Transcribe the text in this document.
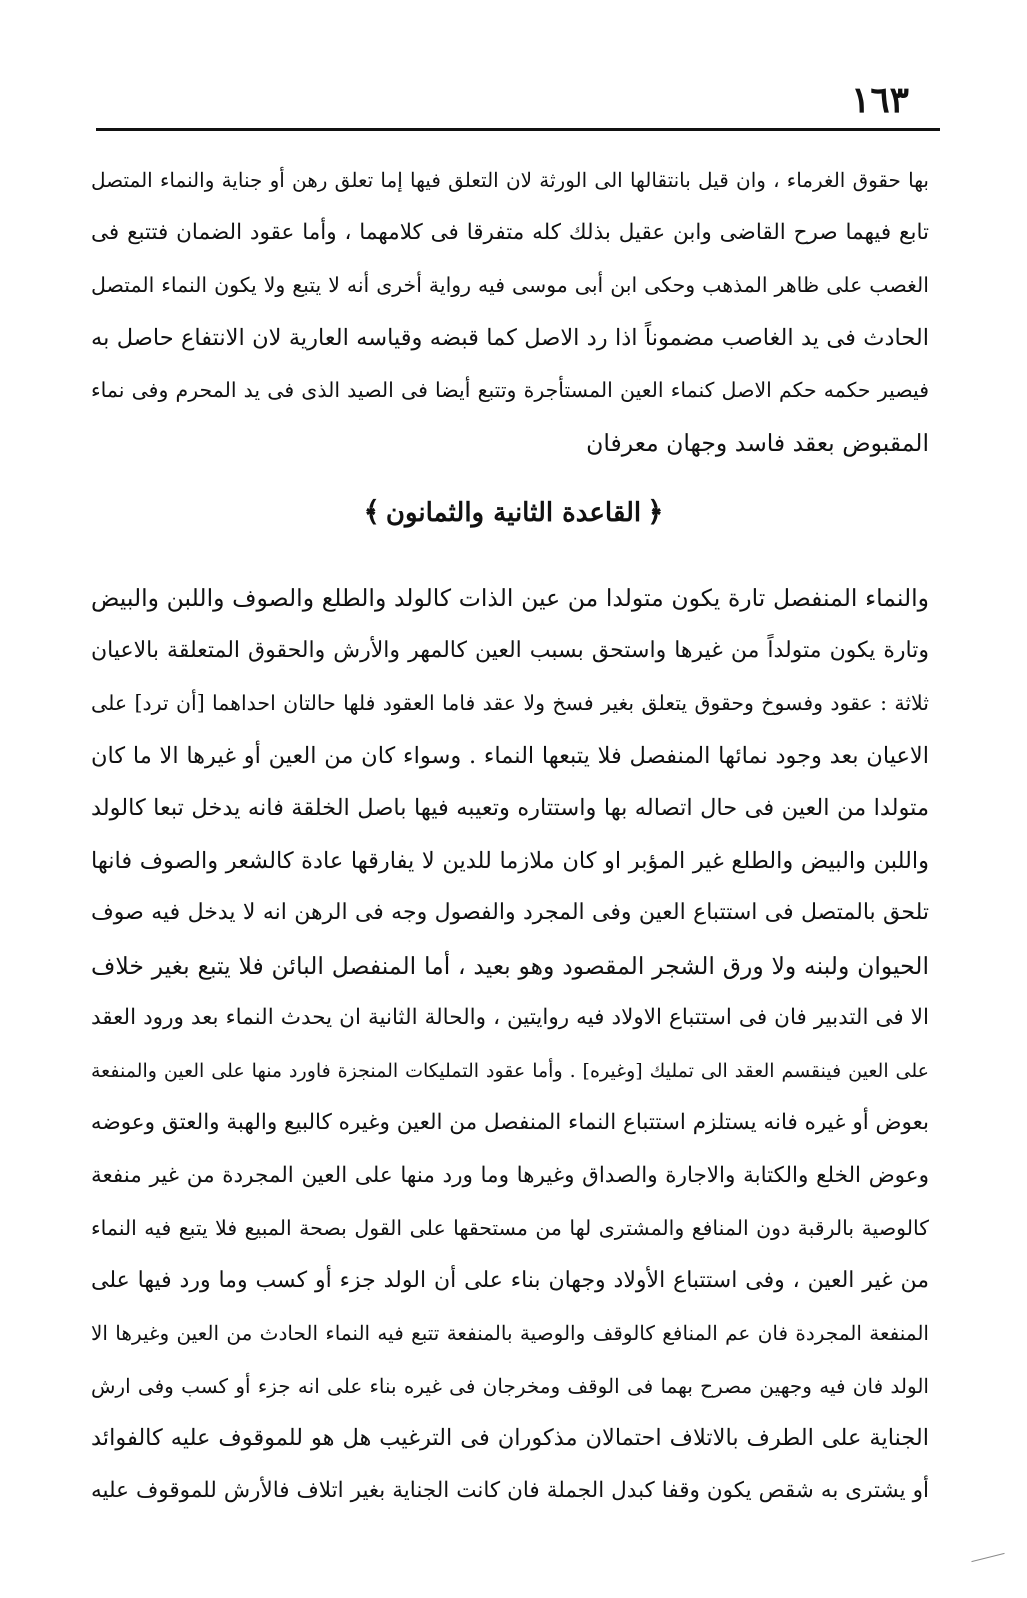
١٦٣
بها حقوق الغرماء ، وان قيل بانتقالها الى الورثة لان التعلق فيها إما تعلق رهن أو جناية والنماء المتصل
تابع فيهما صرح القاضى وابن عقيل بذلك كله متفرقا فى كلامهما ، وأما عقود الضمان فتتبع فى
الغصب على ظاهر المذهب وحكى ابن أبى موسى فيه رواية أخرى أنه لا يتبع ولا يكون النماء المتصل
الحادث فى يد الغاصب مضموناً اذا رد الاصل كما قبضه وقياسه العارية لان الانتفاع حاصل به
فيصير حكمه حكم الاصل كنماء العين المستأجرة وتتبع أيضا فى الصيد الذى فى يد المحرم وفى نماء
المقبوض بعقد فاسد وجهان معرفان
﴿القاعدة الثانية والثمانون﴾
والنماء المنفصل تارة يكون متولدا من عين الذات كالولد والطلع والصوف واللبن والبيض
وتارة يكون متولداً من غيرها واستحق بسبب العين كالمهر والأرش والحقوق المتعلقة بالاعيان
ثلاثة : عقود وفسوخ وحقوق يتعلق بغير فسخ ولا عقد فاما العقود فلها حالتان احداهما [أن ترد] على
الاعيان بعد وجود نمائها المنفصل فلا يتبعها النماء . وسواء كان من العين أو غيرها الا ما كان
متولدا من العين فى حال اتصاله بها واستتاره وتعيبه فيها باصل الخلقة فانه يدخل تبعا كالولد
واللبن والبيض والطلع غير المؤبر او كان ملازما للدين لا يفارقها عادة كالشعر والصوف فانها
تلحق بالمتصل فى استتباع العين وفى المجرد والفصول وجه فى الرهن انه لا يدخل فيه صوف
الحيوان ولبنه ولا ورق الشجر المقصود وهو بعيد ، أما المنفصل البائن فلا يتبع بغير خلاف
الا فى التدبير فان فى استتباع الاولاد فيه روايتين ، والحالة الثانية ان يحدث النماء بعد ورود العقد
على العين فينقسم العقد الى تمليك [وغيره] . وأما عقود التمليكات المنجزة فاورد منها على العين والمنفعة
بعوض أو غيره فانه يستلزم استتباع النماء المنفصل من العين وغيره كالبيع والهبة والعتق وعوضه
وعوض الخلع والكتابة والاجارة والصداق وغيرها وما ورد منها على العين المجردة من غير منفعة
كالوصية بالرقبة دون المنافع والمشترى لها من مستحقها على القول بصحة المبيع فلا يتبع فيه النماء
من غير العين ، وفى استتباع الأولاد وجهان بناء على أن الولد جزء أو كسب وما ورد فيها على
المنفعة المجردة فان عم المنافع كالوقف والوصية بالمنفعة تتبع فيه النماء الحادث من العين وغيرها الا
الولد فان فيه وجهين مصرح بهما فى الوقف ومخرجان فى غيره بناء على انه جزء أو كسب وفى ارش
الجناية على الطرف بالاتلاف احتمالان مذكوران فى الترغيب هل هو للموقوف عليه كالفوائد
أو يشترى به شقص يكون وقفا كبدل الجملة فان كانت الجناية بغير اتلاف فالأرش للموقوف عليه
